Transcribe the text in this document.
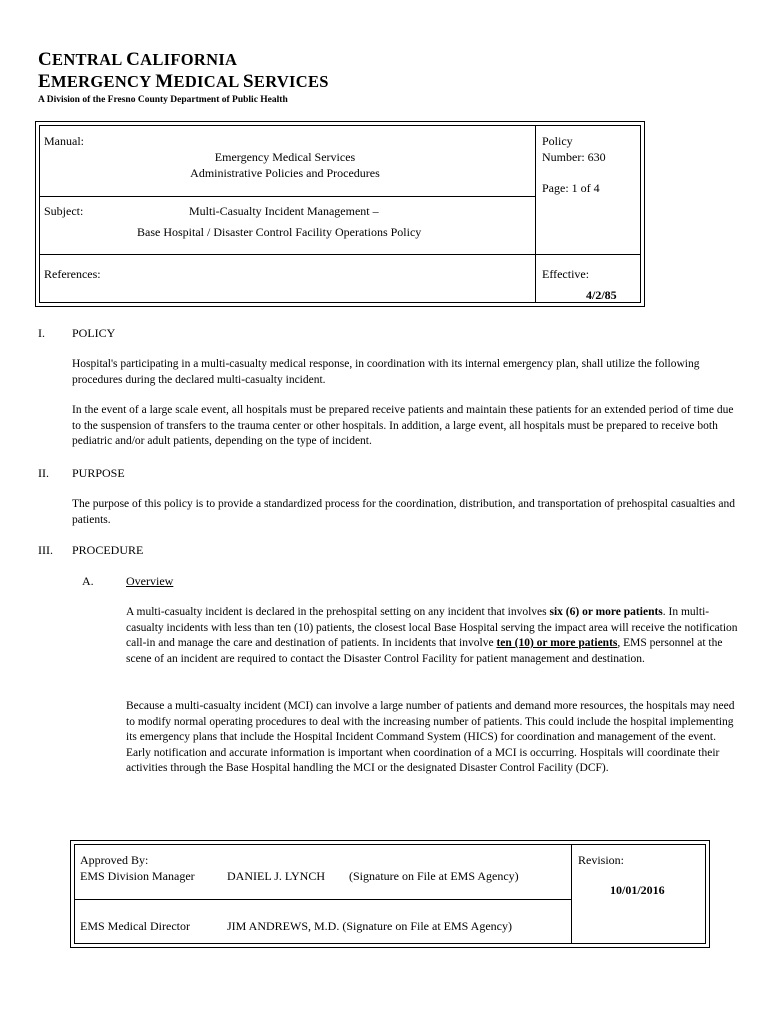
CENTRAL CALIFORNIA
EMERGENCY MEDICAL SERVICES
A Division of the Fresno County Department of Public Health
Manual:
Emergency Medical Services
Administrative Policies and Procedures
Policy
Number: 630
Page: 1 of 4
Subject:	Multi-Casualty Incident Management –
Base Hospital / Disaster Control Facility Operations Policy
References:	Effective:
4/2/85
I. POLICY
Hospital's participating in a multi-casualty medical response, in coordination with its internal emergency plan, shall utilize the following procedures during the declared multi-casualty incident.
In the event of a large scale event, all hospitals must be prepared receive patients and maintain these patients for an extended period of time due to the suspension of transfers to the trauma center or other hospitals. In addition, a large event, all hospitals must be prepared to receive both pediatric and/or adult patients, depending on the type of incident.
II. PURPOSE
The purpose of this policy is to provide a standardized process for the coordination, distribution, and transportation of prehospital casualties and patients.
III. PROCEDURE
A.	Overview
A multi-casualty incident is declared in the prehospital setting on any incident that involves six (6) or more patients. In multi-casualty incidents with less than ten (10) patients, the closest local Base Hospital serving the impact area will receive the notification call-in and manage the care and destination of patients. In incidents that involve ten (10) or more patients, EMS personnel at the scene of an incident are required to contact the Disaster Control Facility for patient management and destination.
Because a multi-casualty incident (MCI) can involve a large number of patients and demand more resources, the hospitals may need to modify normal operating procedures to deal with the increasing number of patients. This could include the hospital implementing its emergency plans that include the Hospital Incident Command System (HICS) for coordination and management of the event. Early notification and accurate information is important when coordination of a MCI is occurring. Hospitals will coordinate their activities through the Base Hospital handling the MCI or the designated Disaster Control Facility (DCF).
Approved By:
EMS Division Manager	DANIEL J. LYNCH (Signature on File at EMS Agency)
EMS Medical Director	JIM ANDREWS, M.D. (Signature on File at EMS Agency)
Revision:
10/01/2016
